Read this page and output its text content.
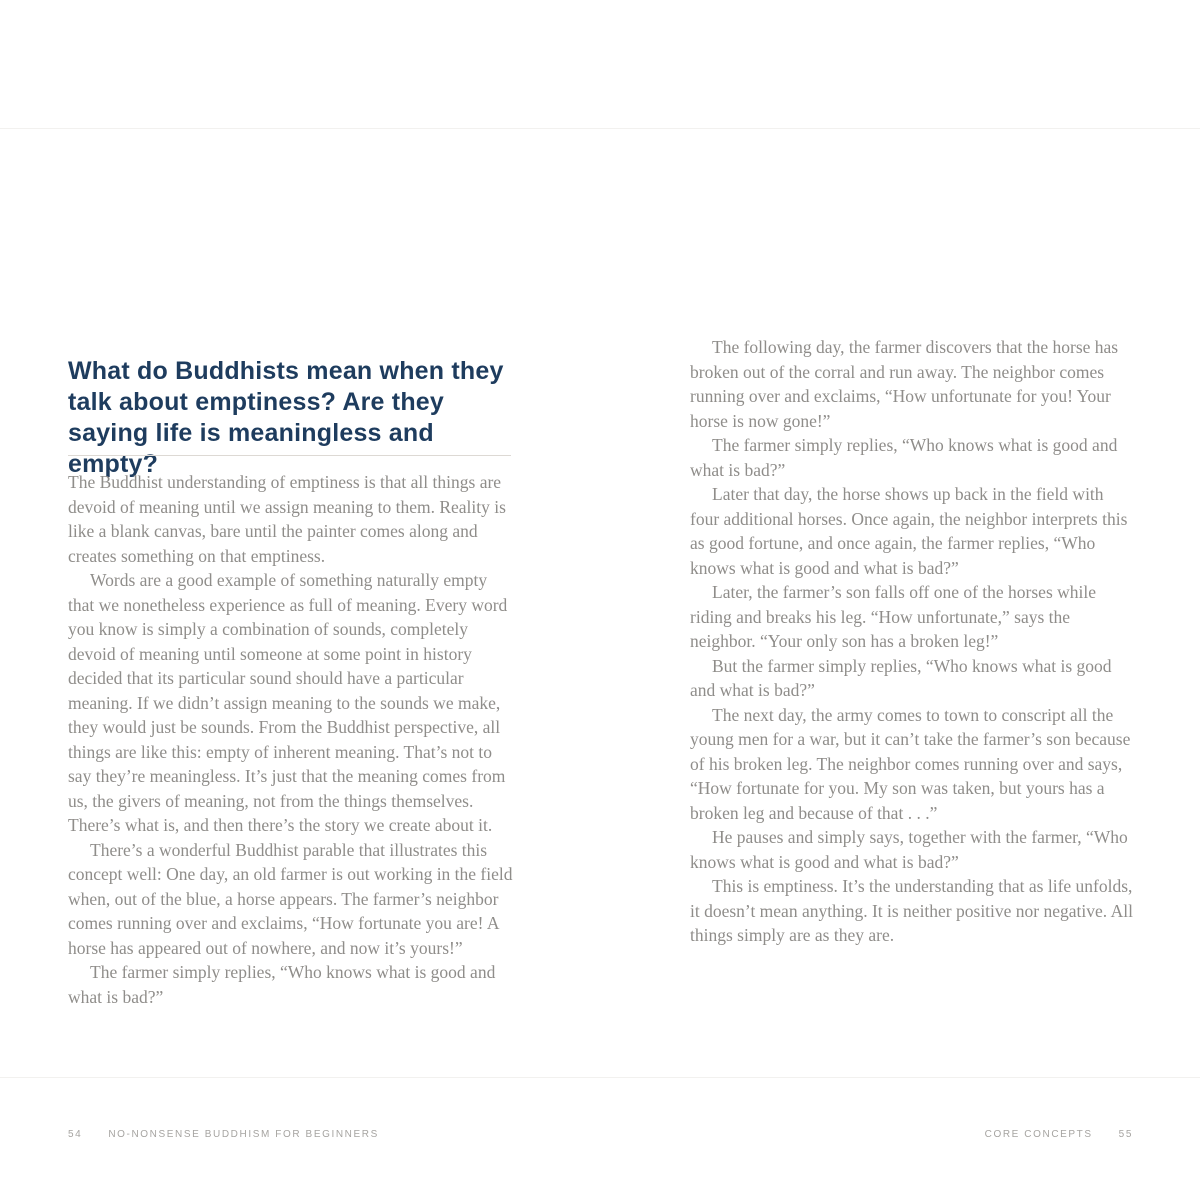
What do Buddhists mean when they talk about emptiness? Are they saying life is meaningless and empty?

The Buddhist understanding of emptiness is that all things are devoid of meaning until we assign meaning to them. Reality is like a blank canvas, bare until the painter comes along and creates something on that emptiness.

Words are a good example of something naturally empty that we nonetheless experience as full of meaning. Every word you know is simply a combination of sounds, completely devoid of meaning until someone at some point in history decided that its particular sound should have a particular meaning. If we didn’t assign meaning to the sounds we make, they would just be sounds. From the Buddhist perspective, all things are like this: empty of inherent meaning. That’s not to say they’re meaningless. It’s just that the meaning comes from us, the givers of meaning, not from the things themselves. There’s what is, and then there’s the story we create about it.

There’s a wonderful Buddhist parable that illustrates this concept well: One day, an old farmer is out working in the field when, out of the blue, a horse appears. The farmer’s neighbor comes running over and exclaims, “How fortunate you are! A horse has appeared out of nowhere, and now it’s yours!”

The farmer simply replies, “Who knows what is good and what is bad?”

The following day, the farmer discovers that the horse has broken out of the corral and run away. The neighbor comes running over and exclaims, “How unfortunate for you! Your horse is now gone!”

The farmer simply replies, “Who knows what is good and what is bad?”

Later that day, the horse shows up back in the field with four additional horses. Once again, the neighbor interprets this as good fortune, and once again, the farmer replies, “Who knows what is good and what is bad?”

Later, the farmer’s son falls off one of the horses while riding and breaks his leg. “How unfortunate,” says the neighbor. “Your only son has a broken leg!”

But the farmer simply replies, “Who knows what is good and what is bad?”

The next day, the army comes to town to conscript all the young men for a war, but it can’t take the farmer’s son because of his broken leg. The neighbor comes running over and says, “How fortunate for you. My son was taken, but yours has a broken leg and because of that . . .”

He pauses and simply says, together with the farmer, “Who knows what is good and what is bad?”

This is emptiness. It’s the understanding that as life unfolds, it doesn’t mean anything. It is neither positive nor negative. All things simply are as they are.

54	NO-NONSENSE BUDDHISM FOR BEGINNERS	CORE CONCEPTS	55
